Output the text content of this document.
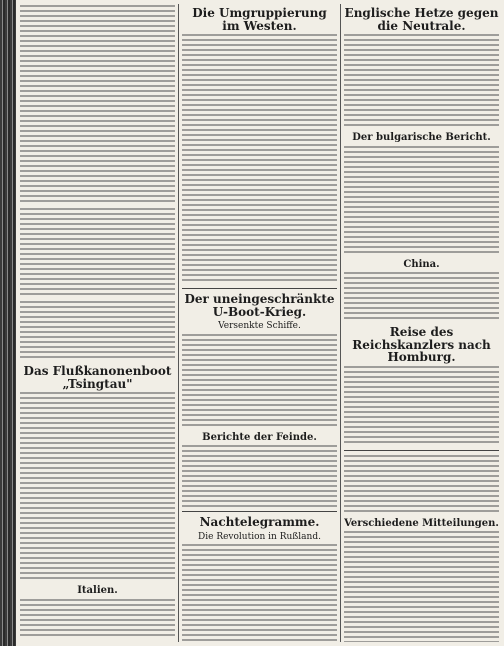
Das Flußkanonenboot „Tsingtau"
Italien.
Die Umgruppierung im Westen.
Der uneingeschränkte U-Boot-Krieg.
Versenkte Schiffe.
Berichte der Feinde.
Nachtelegramme.
Die Revolution in Rußland.
Englische Hetze gegen die Neutrale.
Der bulgarische Bericht.
China.
Reise des Reichskanzlers nach Homburg.
Verschiedene Mitteilungen.
